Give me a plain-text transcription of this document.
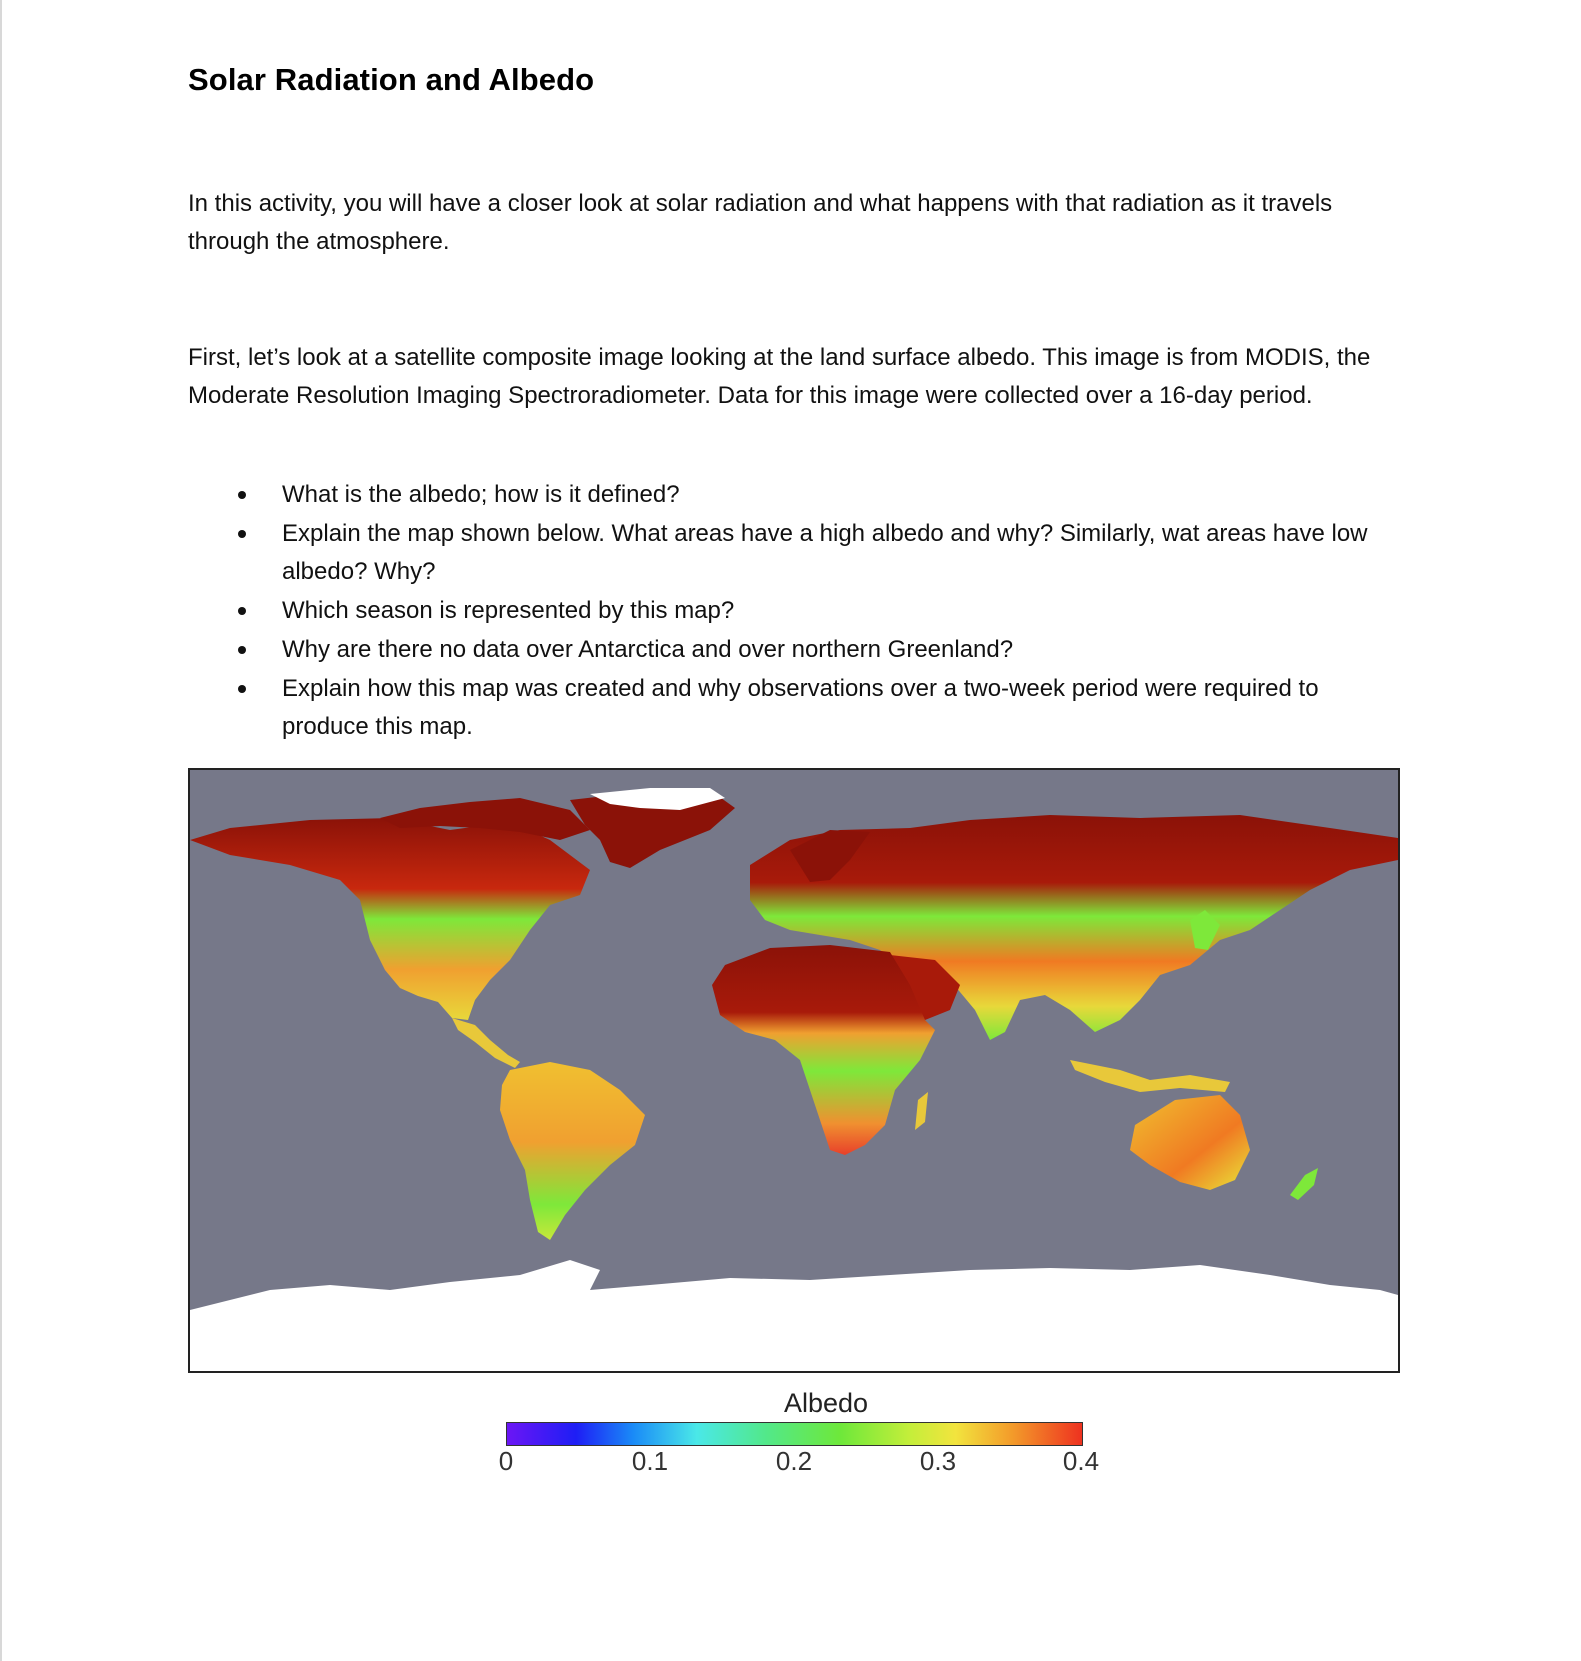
Solar Radiation and Albedo

In this activity, you will have a closer look at solar radiation and what happens with that radiation as it travels through the atmosphere.

First, let’s look at a satellite composite image looking at the land surface albedo. This image is from MODIS, the Moderate Resolution Imaging Spectroradiometer. Data for this image were collected over a 16-day period.

What is the albedo; how is it defined?
Explain the map shown below. What areas have a high albedo and why? Similarly, wat areas have low albedo? Why?
Which season is represented by this map?
Why are there no data over Antarctica and over northern Greenland?
Explain how this map was created and why observations over a two-week period were required to produce this map.
Albedo
0	0.1	0.2	0.3	0.4
